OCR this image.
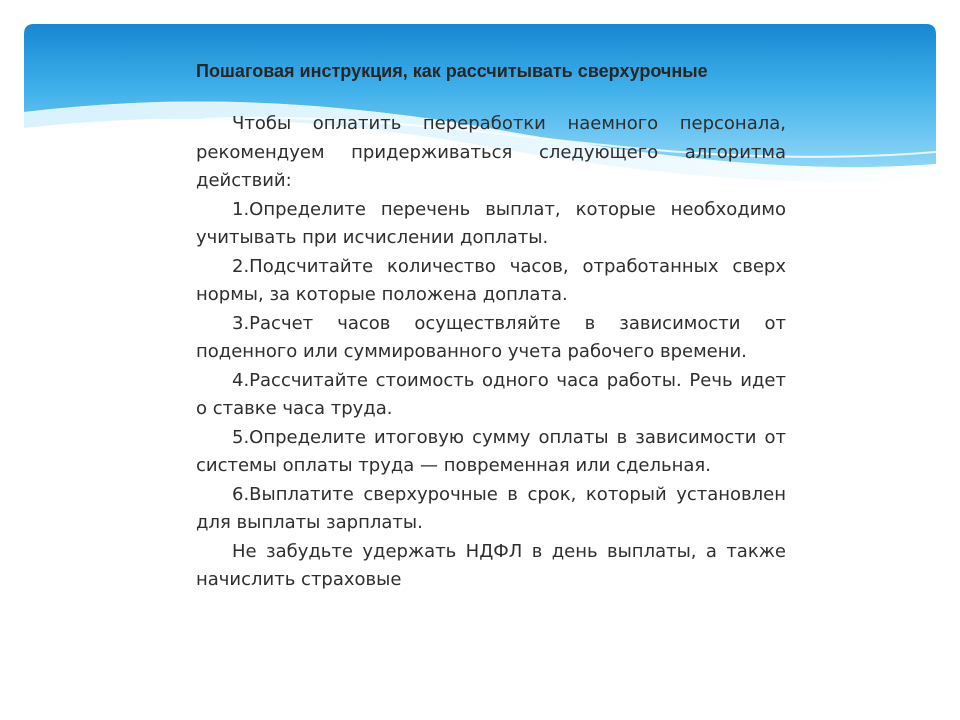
Пошаговая инструкция, как рассчитывать сверхурочные

Чтобы оплатить переработки наемного персонала, рекомендуем придерживаться следующего алгоритма действий:

1.Определите перечень выплат, которые необходимо учитывать при исчислении доплаты.

2.Подсчитайте количество часов, отработанных сверх нормы, за которые положена доплата.

3.Расчет часов осуществляйте в зависимости от поденного или суммированного учета рабочего времени.

4.Рассчитайте стоимость одного часа работы. Речь идет о ставке часа труда.

5.Определите итоговую сумму оплаты в зависимости от системы оплаты труда — повременная или сдельная.

6.Выплатите сверхурочные в срок, который установлен для выплаты зарплаты.

Не забудьте удержать НДФЛ в день выплаты, а также начислить страховые
